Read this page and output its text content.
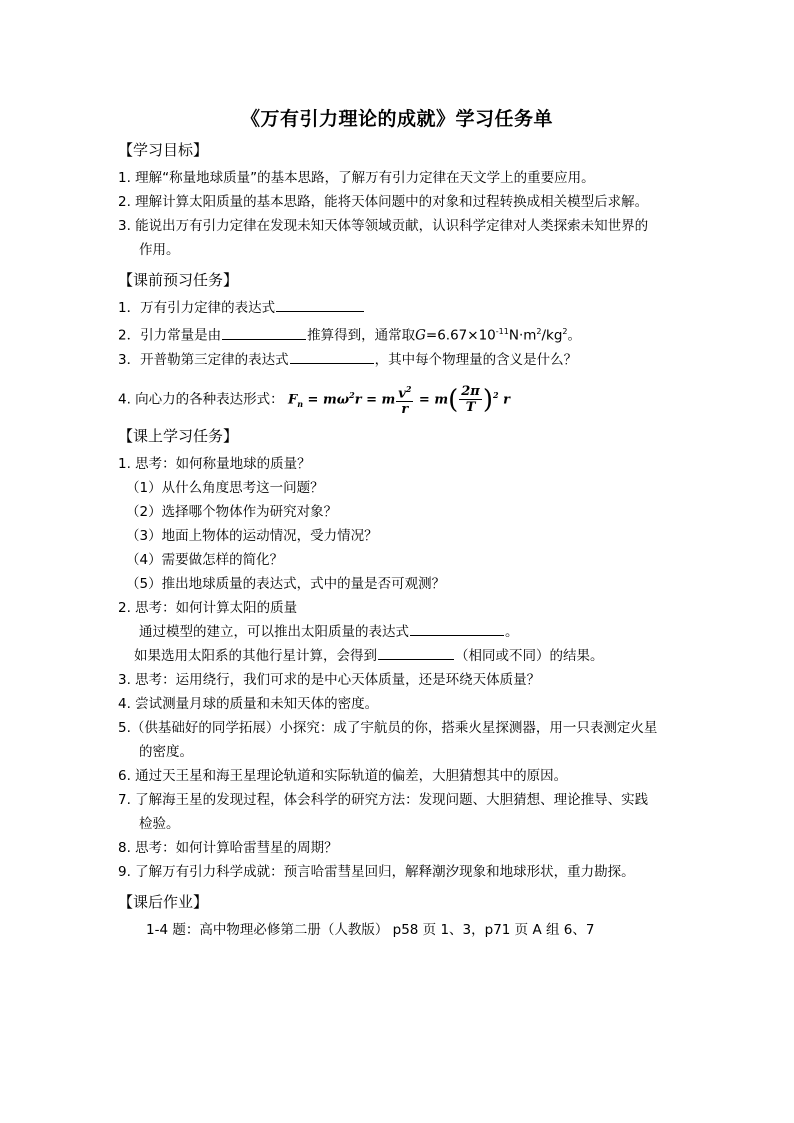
《万有引力理论的成就》学习任务单
【学习目标】
1. 理解“称量地球质量”的基本思路，了解万有引力定律在天文学上的重要应用。
2. 理解计算太阳质量的基本思路，能将天体问题中的对象和过程转换成相关模型后求解。
3. 能说出万有引力定律在发现未知天体等领域贡献，认识科学定律对人类探索未知世界的
作用。
【课前预习任务】
1．万有引力定律的表达式
2．引力常量是由	推算得到，通常取$G=6.67\times 10^{-11}N\cdot m^2/kg^2$。
3．开普勒第三定律的表达式	，其中每个物理量的含义是什么？
4. 向心力的各种表达形式： $F_n = m\omega^2r = m \frac{v^2}{r} = m( \frac{2\pi}{T} )^2$ r
【课上学习任务】
1. 思考：如何称量地球的质量？
（1）从什么角度思考这一问题？
（2）选择哪个物体作为研究对象？
（3）地面上物体的运动情况，受力情况？
（4）需要做怎样的简化？
（5）推出地球质量的表达式，式中的量是否可观测？
2. 思考：如何计算太阳的质量
通过模型的建立，可以推出太阳质量的表达式	。
如果选用太阳系的其他行星计算，会得到	（相同或不同）的结果。
3. 思考：运用绕行，我们可求的是中心天体质量，还是环绕天体质量？
4. 尝试测量月球的质量和未知天体的密度。
5.（供基础好的同学拓展）小探究：成了宇航员的你，搭乘火星探测器，用一只表测定火星
的密度。
6. 通过天王星和海王星理论轨道和实际轨道的偏差，大胆猜想其中的原因。
7. 了解海王星的发现过程，体会科学的研究方法：发现问题、大胆猜想、理论推导、实践
检验。
8. 思考：如何计算哈雷彗星的周期？
9. 了解万有引力科学成就：预言哈雷彗星回归，解释潮汐现象和地球形状，重力勘探。
【课后作业】
1-4 题：高中物理必修第二册（人教版） p58 页 1、3，p71 页 A 组 6、7
